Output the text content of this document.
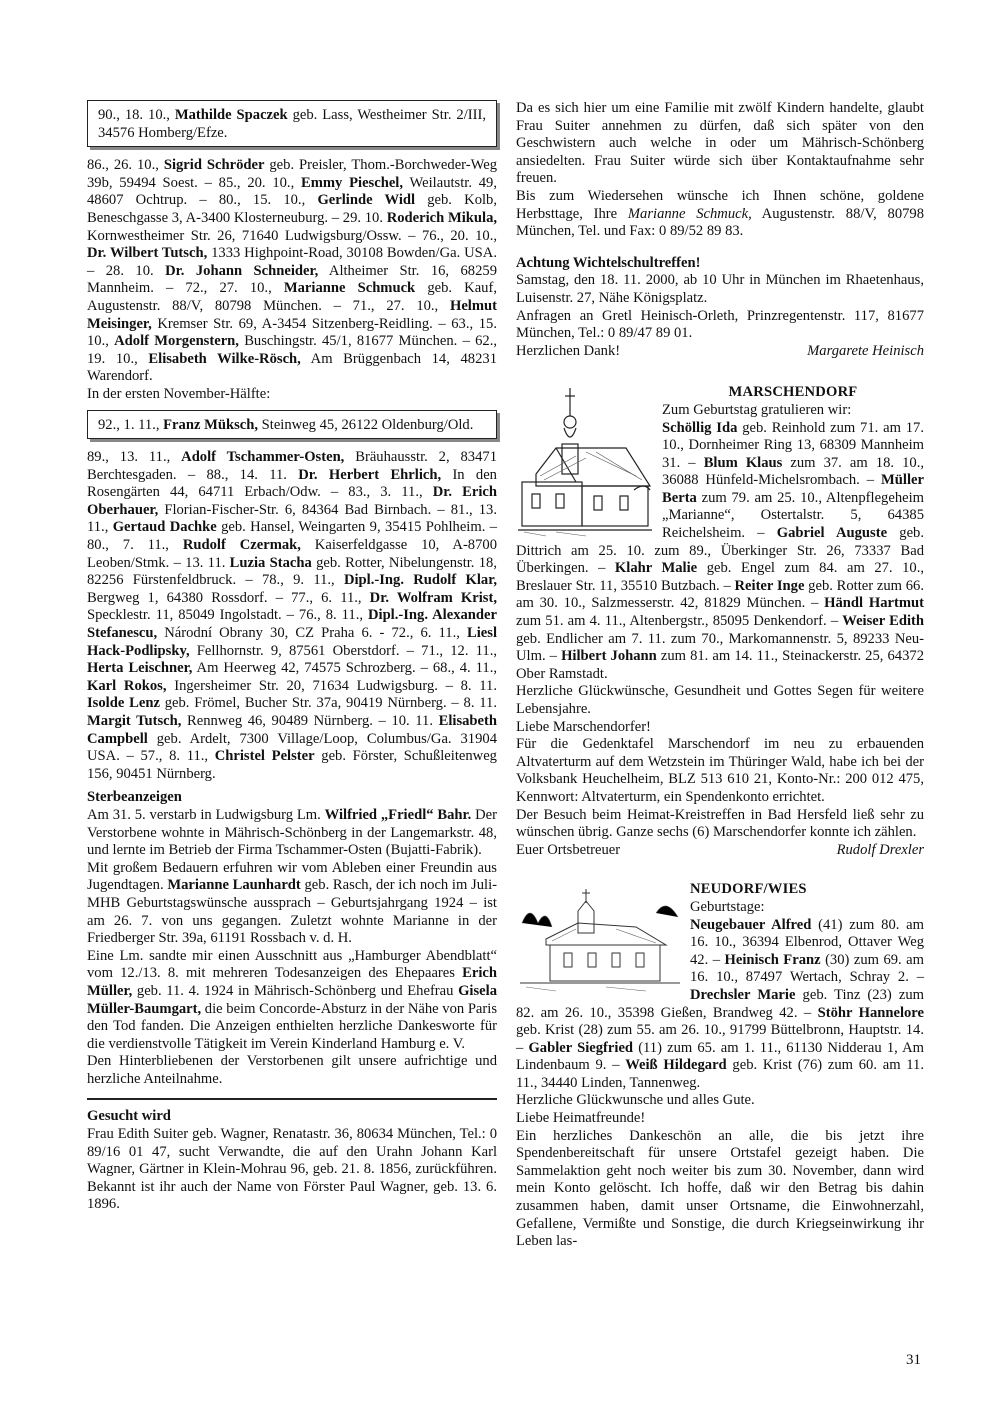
90., 18. 10., Mathilde Spaczek geb. Lass, Westheimer Str. 2/III, 34576 Homberg/Efze.

86., 26. 10., Sigrid Schröder geb. Preisler, Thom.-Borchweder-Weg 39b, 59494 Soest. – 85., 20. 10., Emmy Pieschel, Weilautstr. 49, 48607 Ochtrup. – 80., 15. 10., Gerlinde Widl geb. Kolb, Beneschgasse 3, A-3400 Klosterneuburg. – 29. 10. Roderich Mikula, Kornwestheimer Str. 26, 71640 Ludwigsburg/Ossw. – 76., 20. 10., Dr. Wilbert Tutsch, 1333 Highpoint-Road, 30108 Bowden/Ga. USA. – 28. 10. Dr. Johann Schneider, Altheimer Str. 16, 68259 Mannheim. – 72., 27. 10., Marianne Schmuck geb. Kauf, Augustenstr. 88/V, 80798 München. – 71., 27. 10., Helmut Meisinger, Kremser Str. 69, A-3454 Sitzenberg-Reidling. – 63., 15. 10., Adolf Morgenstern, Buschingstr. 45/1, 81677 München. – 62., 19. 10., Elisabeth Wilke-Rösch, Am Brüggenbach 14, 48231 Warendorf.

In der ersten November-Hälfte:

92., 1. 11., Franz Müksch, Steinweg 45, 26122 Oldenburg/Old.

89., 13. 11., Adolf Tschammer-Osten, Bräuhausstr. 2, 83471 Berchtesgaden. – 88., 14. 11. Dr. Herbert Ehrlich, In den Rosengärten 44, 64711 Erbach/Odw. – 83., 3. 11., Dr. Erich Oberhauer, Florian-Fischer-Str. 6, 84364 Bad Birnbach. – 81., 13. 11., Gertaud Dachke geb. Hansel, Weingarten 9, 35415 Pohlheim. – 80., 7. 11., Rudolf Czermak, Kaiserfeldgasse 10, A-8700 Leoben/Stmk. – 13. 11. Luzia Stacha geb. Rotter, Nibelungenstr. 18, 82256 Fürstenfeldbruck. – 78., 9. 11., Dipl.-Ing. Rudolf Klar, Bergweg 1, 64380 Rossdorf. – 77., 6. 11., Dr. Wolfram Krist, Specklestr. 11, 85049 Ingolstadt. – 76., 8. 11., Dipl.-Ing. Alexander Stefanescu, Národní Obrany 30, CZ Praha 6. - 72., 6. 11., Liesl Hack-Podlipsky, Fellhornstr. 9, 87561 Oberstdorf. – 71., 12. 11., Herta Leischner, Am Heerweg 42, 74575 Schrozberg. – 68., 4. 11., Karl Rokos, Ingersheimer Str. 20, 71634 Ludwigsburg. – 8. 11. Isolde Lenz geb. Frömel, Bucher Str. 37a, 90419 Nürnberg. – 8. 11. Margit Tutsch, Rennweg 46, 90489 Nürnberg. – 10. 11. Elisabeth Campbell geb. Ardelt, 7300 Village/Loop, Columbus/Ga. 31904 USA. – 57., 8. 11., Christel Pelster geb. Förster, Schußleitenweg 156, 90451 Nürnberg.

Sterbeanzeigen

Am 31. 5. verstarb in Ludwigsburg Lm. Wilfried „Friedl“ Bahr. Der Verstorbene wohnte in Mährisch-Schönberg in der Langemarkstr. 48, und lernte im Betrieb der Firma Tschammer-Osten (Bujatti-Fabrik).

Mit großem Bedauern erfuhren wir vom Ableben einer Freundin aus Jugendtagen. Marianne Launhardt geb. Rasch, der ich noch im Juli-MHB Geburtstagswünsche aussprach – Geburtsjahrgang 1924 – ist am 26. 7. von uns gegangen. Zuletzt wohnte Marianne in der Friedberger Str. 39a, 61191 Rossbach v. d. H.

Eine Lm. sandte mir einen Ausschnitt aus „Hamburger Abendblatt“ vom 12./13. 8. mit mehreren Todesanzeigen des Ehepaares Erich Müller, geb. 11. 4. 1924 in Mährisch-Schönberg und Ehefrau Gisela Müller-Baumgart, die beim Concorde-Absturz in der Nähe von Paris den Tod fanden. Die Anzeigen enthielten herzliche Dankesworte für die verdienstvolle Tätigkeit im Verein Kinderland Hamburg e. V.

Den Hinterbliebenen der Verstorbenen gilt unsere aufrichtige und herzliche Anteilnahme.

Gesucht wird

Frau Edith Suiter geb. Wagner, Renatastr. 36, 80634 München, Tel.: 0 89/16 01 47, sucht Verwandte, die auf den Urahn Johann Karl Wagner, Gärtner in Klein-Mohrau 96, geb. 21. 8. 1856, zurückführen. Bekannt ist ihr auch der Name von Förster Paul Wagner, geb. 13. 6. 1896.

Da es sich hier um eine Familie mit zwölf Kindern handelte, glaubt Frau Suiter annehmen zu dürfen, daß sich später von den Geschwistern auch welche in oder um Mährisch-Schönberg ansiedelten. Frau Suiter würde sich über Kontaktaufnahme sehr freuen.

Bis zum Wiedersehen wünsche ich Ihnen schöne, goldene Herbsttage, Ihre Marianne Schmuck, Augustenstr. 88/V, 80798 München, Tel. und Fax: 0 89/52 89 83.

Achtung Wichtelschultreffen!

Samstag, den 18. 11. 2000, ab 10 Uhr in München im Rhaetenhaus, Luisenstr. 27, Nähe Königsplatz.

Anfragen an Gretl Heinisch-Orleth, Prinzregentenstr. 117, 81677 München, Tel.: 0 89/47 89 01.

Herzlichen Dank!	Margarete Heinisch
MARSCHENDORF

Zum Geburtstag gratulieren wir:

Schöllig Ida geb. Reinhold zum 71. am 17. 10., Dornheimer Ring 13, 68309 Mannheim 31. – Blum Klaus zum 37. am 18. 10., 36088 Hünfeld-Michelsrombach. – Müller Berta zum 79. am 25. 10., Altenpflegeheim „Marianne“, Ostertalstr. 5, 64385 Reichelsheim. – Gabriel Auguste geb. Dittrich am 25. 10. zum 89., Überkinger Str. 26, 73337 Bad Überkingen. – Klahr Malie geb. Engel zum 84. am 27. 10., Breslauer Str. 11, 35510 Butzbach. – Reiter Inge geb. Rotter zum 66. am 30. 10., Salzmesserstr. 42, 81829 München. – Händl Hartmut zum 51. am 4. 11., Altenbergstr., 85095 Denkendorf. – Weiser Edith geb. Endlicher am 7. 11. zum 70., Markomannenstr. 5, 89233 Neu-Ulm. – Hilbert Johann zum 81. am 14. 11., Steinackerstr. 25, 64372 Ober Ramstadt.

Herzliche Glückwünsche, Gesundheit und Gottes Segen für weitere Lebensjahre.

Liebe Marschendorfer!

Für die Gedenktafel Marschendorf im neu zu erbauenden Altvaterturm auf dem Wetzstein im Thüringer Wald, habe ich bei der Volksbank Heuchelheim, BLZ 513 610 21, Konto-Nr.: 200 012 475, Kennwort: Altvaterturm, ein Spendenkonto errichtet.

Der Besuch beim Heimat-Kreistreffen in Bad Hersfeld ließ sehr zu wünschen übrig. Ganze sechs (6) Marschendorfer konnte ich zählen.

Euer Ortsbetreuer	Rudolf Drexler
NEUDORF/WIES

Geburtstage:

Neugebauer Alfred (41) zum 80. am 16. 10., 36394 Elbenrod, Ottaver Weg 42. – Heinisch Franz (30) zum 69. am 16. 10., 87497 Wertach, Schray 2. – Drechsler Marie geb. Tinz (23) zum 82. am 26. 10., 35398 Gießen, Brandweg 42. – Stöhr Hannelore geb. Krist (28) zum 55. am 26. 10., 91799 Büttelbronn, Hauptstr. 14. – Gabler Siegfried (11) zum 65. am 1. 11., 61130 Nidderau 1, Am Lindenbaum 9. – Weiß Hildegard geb. Krist (76) zum 60. am 11. 11., 34440 Linden, Tannenweg.

Herzliche Glückwunsche und alles Gute.

Liebe Heimatfreunde!

Ein herzliches Dankeschön an alle, die bis jetzt ihre Spendenbereitschaft für unsere Ortstafel gezeigt haben. Die Sammelaktion geht noch weiter bis zum 30. November, dann wird mein Konto gelöscht. Ich hoffe, daß wir den Betrag bis dahin zusammen haben, damit unser Ortsname, die Einwohnerzahl, Gefallene, Vermißte und Sonstige, die durch Kriegseinwirkung ihr Leben las-

31
